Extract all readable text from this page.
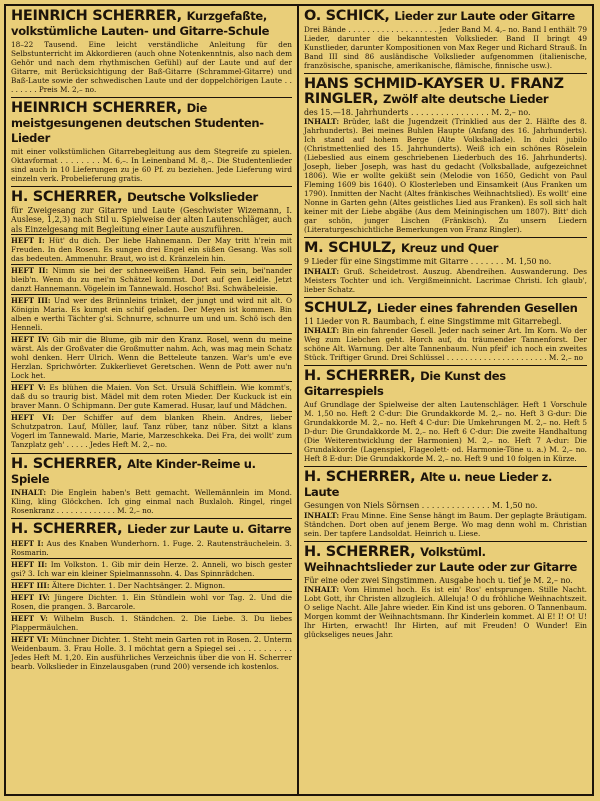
HEINRICH SCHERRER, Kurzgefaßte, volkstümliche Lauten- und Gitarre-Schule

18–22 Tausend. Eine leicht verständliche Anleitung für den Selbstunterricht im Akkordieren (auch ohne Notenkenntnis, also nach dem Gehör und nach dem rhythmischen Gefühl) auf der Laute und auf der Gitarre, mit Berücksichtigung der Baß-Gitarre (Schrammel-Gitarre) und Baß-Laute sowie der schwedischen Laute und der doppelchörigen Laute . . . . . . . . Preis M. 2,– no.

HEINRICH SCHERRER, Die meistgesungenen deutschen Studenten-Lieder

mit einer volkstümlichen Gitarrebegleitung aus dem Stegreife zu spielen. Oktavformat . . . . . . . . M. 6,–. In Leinenband M. 8,–. Die Studentenlieder sind auch in 10 Lieferungen zu je 60 Pf. zu beziehen. Jede Lieferung wird einzeln verk. Probelieferung gratis.

H. SCHERRER, Deutsche Volkslieder

für Zweigesang zur Gitarre und Laute (Geschwister Wizemann, I. Auslese, 1,2,3) nach Stil u. Spielweise der alten Lautenschläger, auch als Einzelgesang mit Begleitung einer Laute auszuführen.

HEFT I: Hüt' du dich. Der liebe Hahnemann. Der May tritt h'rein mit Freuden. In den Rosen. Es sungen drei Engel ein süßen Gesang. Was soll das bedeuten. Ammenuhr. Braut, wo ist d. Kränzelein hin.

HEFT II: Nimm sie bei der schneeweißen Hand. Fein sein, bei'nander bleib'n. Wenn du zu mei'm Schätzel kommst. Dort auf gen Leidle. Jetzt danzt Hannemann. Vögelein im Tannewald. Hoscho! Bsi. Schwäbeleisie.

HEFT III: Und wer des Brünnleins trinket, der jungt und wird nit alt. O Königin Maria. Es kumpt ein schif geladen. Der Meyen ist kommen. Bin alben e werthi Tächter g'si. Schnurre, schnurre um und um. Schö isch den Henneli.

HEFT IV: Gib mir die Blume, gib mir den Kranz. Rosel, wenn du meine wärst. Als der Großvater die Großmutter nahm. Ach, was mag mein Schatz wohl denken. Herr Ulrich. Wenn die Betteleute tanzen. War's um'e eve Herzlan. Sprichwörter. Zukkerlievet Geretschen. Wenn de Pott awer nu'n Lock het.

HEFT V: Es blühen die Maien. Von Sct. Ursulä Schifflein. Wie kommt's, daß du so traurig bist. Mädel mit dem roten Mieder. Der Kuckuck ist ein braver Mann. O Schipmann. Der gute Kamerad. Husar, lauf und Mädchen.

HEFT VI: Der Schiffer auf dem blanken Rhein. Andres, lieber Schutzpatron. Lauf, Müller, lauf. Tanz rüber, tanz nüber. Sitzt a klans Vogerl im Tannewald. Marie, Marie, Marzeschkeka. Dei Fra, dei wollt' zum Tanzplatz geh' . . . . . Jedes Heft M. 2,– no.

H. SCHERRER, Alte Kinder-Reime u. Spiele

INHALT: Die Englein haben's Bett gemacht. Wellemännlein im Mond. Kling, kling Glöckchen. Ich ging einmal nach Buxlaloh. Ringel, ringel Rosenkranz . . . . . . . . . . . . . M. 2,– no.

H. SCHERRER, Lieder zur Laute u. Gitarre

HEFT I: Aus des Knaben Wunderhorn. 1. Fuge. 2. Rautensträuchelein. 3. Rosmarin.

HEFT II: Im Volkston. 1. Gib mir dein Herze. 2. Anneli, wo bisch gester gsi? 3. Ich war ein kleiner Spielmannssohn. 4. Das Spinnrädchen.

HEFT III: Ältere Dichter. 1. Der Nachtsänger. 2. Mignon.

HEFT IV: Jüngere Dichter. 1. Ein Stündlein wohl vor Tag. 2. Und die Rosen, die prangen. 3. Barcarole.

HEFT V: Wilhelm Busch. 1. Ständchen. 2. Die Liebe. 3. Du liebes Plappermäulchen.

HEFT VI: Münchner Dichter. 1. Steht mein Garten rot in Rosen. 2. Unterm Weidenbaum. 3. Frau Holle. 3. I möchtat gern a Spiegel sei . . . . . . . . . . . Jedes Heft M. 1,20. Ein ausführliches Verzeichnis über die von H. Scherrer bearb. Volkslieder in Einzelausgaben (rund 200) versende ich kostenlos.

O. SCHICK, Lieder zur Laute oder Gitarre

Drei Bände . . . . . . . . . . . . . . . . . . . Jeder Band M. 4,– no. Band I enthält 79 Lieder, darunter die bekanntesten Volkslieder. Band II bringt 49 Kunstlieder, darunter Kompositionen von Max Reger und Richard Strauß. In Band III sind 86 ausländische Volkslieder aufgenommen (italienische, französische, spanische, amerikanische, flämische, finnische usw.).

HANS SCHMID-KAYSER U. FRANZ RINGLER, Zwölf alte deutsche Lieder

des 15.—18. Jahrhunderts . . . . . . . . . . . . . . . . M. 2,– no.

INHALT: Brüder, laßt die Jugendzeit (Trinklied aus der 2. Hälfte des 8. Jahrhunderts). Bei meines Buhlen Haupte (Anfang des 16. Jahrhunderts). Ich stand auf hohem Berge (Alte Volksballade). In dulci jubilo (Christmettenlied des 15. Jahrhunderts). Weiß ich ein schönes Röselein (Liebeslied aus einem geschriebenen Liederbuch des 16. Jahrhunderts). Joseph, lieber Joseph, was hast du gedacht (Volksballade, aufgezeichnet 1806). Wie er wollte geküßt sein (Melodie von 1650, Gedicht von Paul Fleming 1609 bis 1640). O Klosterleben und Einsamkeit (Aus Franken um 1790). Inmitten der Nacht (Altes fränkisches Weihnachtslied). Es wollt' eine Nonne in Garten gehn (Altes geistliches Lied aus Franken). Es soll sich halt keiner mit der Liebe abgäbe (Aus dem Meiningischen um 1807). Bitt' dich gar schön, junger Lischen (Fränkisch). Zu unsern Liedern (Literaturgeschichtliche Bemerkungen von Franz Ringler).

M. SCHULZ, Kreuz und Quer

9 Lieder für eine Singstimme mit Gitarre . . . . . . . M. 1,50 no.

INHALT: Gruß. Scheidetrost. Auszug. Abendreihen. Auswanderung. Des Meisters Tochter und ich. Vergißmeinnicht. Lacrimae Christi. Ich glaub', lieber Schatz.

SCHULZ, Lieder eines fahrenden Gesellen

11 Lieder von R. Baumbach, f. eine Singstimme mit Gitarrebegl.

INHALT: Bin ein fahrender Gesell. Jeder nach seiner Art. Im Korn. Wo der Weg zum Liebchen geht. Horch auf, du träumender Tannenforst. Der schöne Alt. Warnung. Der alte Tannenbaum. Nun pfeif' ich noch ein zweites Stück. Triftiger Grund. Drei Schlüssel . . . . . . . . . . . . . . . . . . . . . . M. 2,– no

H. SCHERRER, Die Kunst des Gitarrespiels

Auf Grundlage der Spielweise der alten Lautenschläger. Heft 1 Vorschule M. 1,50 no. Heft 2 C-dur: Die Grundakkorde M. 2,– no. Heft 3 G-dur: Die Grundakkorde M. 2,– no. Heft 4 C-dur: Die Umkehrungen M. 2,– no. Heft 5 D-dur: Die Grundakkorde M. 2,– no. Heft 6 C-dur: Die zweite Handhaltung (Die Weiterentwicklung der Harmonien) M. 2,– no. Heft 7 A-dur: Die Grundakkorde (Lagenspiel, Flageolett- od. Harmonie-Töne u. a.) M. 2,– no. Heft 8 E-dur: Die Grundakkorde M. 2,– no. Heft 9 und 10 folgen in Kürze.

H. SCHERRER, Alte u. neue Lieder z. Laute

Gesungen von Niels Sörnsen . . . . . . . . . . . . . . M. 1,50 no.

INHALT: Frau Minne. Eine Sense hängt im Baum. Der geplagte Bräutigam. Ständchen. Dort oben auf jenem Berge. Wo mag denn wohl m. Christian sein. Der tapfere Landsoldat. Heinrich u. Liese.

H. SCHERRER, Volkstüml. Weihnachtslieder zur Laute oder zur Gitarre

Für eine oder zwei Singstimmen. Ausgabe hoch u. tief je M. 2,– no.

INHALT: Vom Himmel hoch. Es ist ein' Ros' entsprungen. Stille Nacht. Lobt Gott, ihr Christen allzugleich. Alleluja! O du fröhliche Weihnachtszeit. O selige Nacht. Alle Jahre wieder. Ein Kind ist uns geboren. O Tannenbaum. Morgen kommt der Weihnachtsmann. Ihr Kinderlein kommet. Al E! I! O! U! Ihr Hirten, erwacht! Ihr Hirten, auf mit Freuden! O Wunder! Ein glückseliges neues Jahr.
